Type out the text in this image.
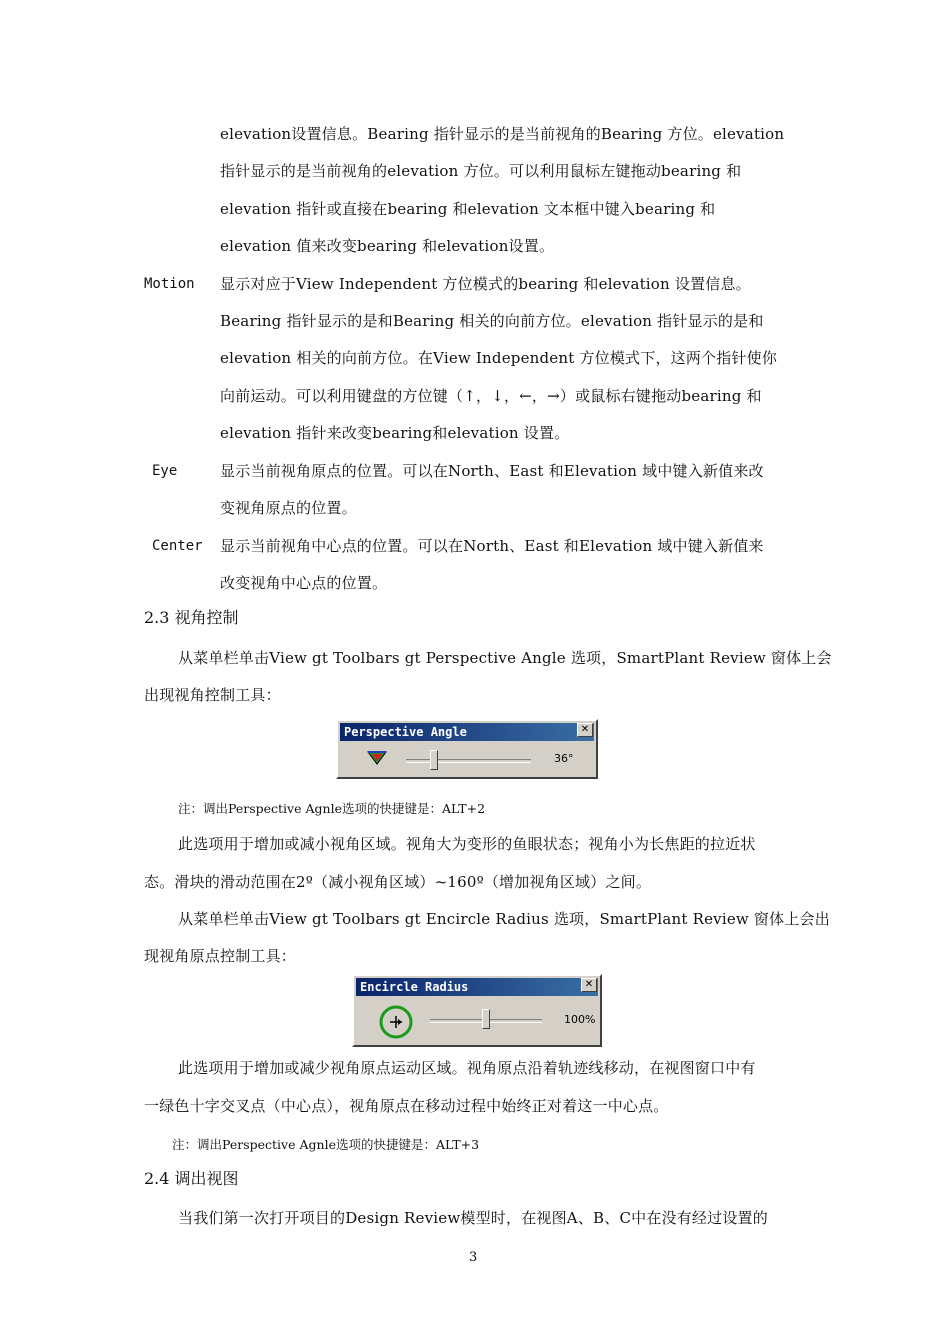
elevation设置信息。Bearing 指针显示的是当前视角的Bearing 方位。elevation
指针显示的是当前视角的elevation 方位。可以利用鼠标左键拖动bearing 和
elevation 指针或直接在bearing 和elevation 文本框中键入bearing 和
elevation 值来改变bearing 和elevation设置。
Motion 显示对应于View Independent 方位模式的bearing 和elevation 设置信息。
Bearing 指针显示的是和Bearing 相关的向前方位。elevation 指针显示的是和
elevation 相关的向前方位。在View Independent 方位模式下，这两个指针使你
向前运动。可以利用键盘的方位键（↑，↓，←，→）或鼠标右键拖动bearing 和
elevation 指针来改变bearing和elevation 设置。
Eye	显示当前视角原点的位置。可以在North、East 和Elevation 域中键入新值来改
变视角原点的位置。
Center 显示当前视角中心点的位置。可以在North、East 和Elevation 域中键入新值来
改变视角中心点的位置。
2.3 视角控制
从菜单栏单击View gt Toolbars gt Perspective Angle 选项，SmartPlant Review 窗体上会
出现视角控制工具：
Perspective Angle	✕
36°
注：调出Perspective Agnle选项的快捷键是：ALT+2
此选项用于增加或减小视角区域。视角大为变形的鱼眼状态；视角小为长焦距的拉近状
态。滑块的滑动范围在2º（减小视角区域）~160º（增加视角区域）之间。
从菜单栏单击View gt Toolbars gt Encircle Radius 选项，SmartPlant Review 窗体上会出
现视角原点控制工具：
Encircle Radius	✕
100%
此选项用于增加或减少视角原点运动区域。视角原点沿着轨迹线移动，在视图窗口中有
一绿色十字交叉点（中心点），视角原点在移动过程中始终正对着这一中心点。
注：调出Perspective Agnle选项的快捷键是：ALT+3
2.4 调出视图
当我们第一次打开项目的Design Review模型时，在视图A、B、C中在没有经过设置的
3
